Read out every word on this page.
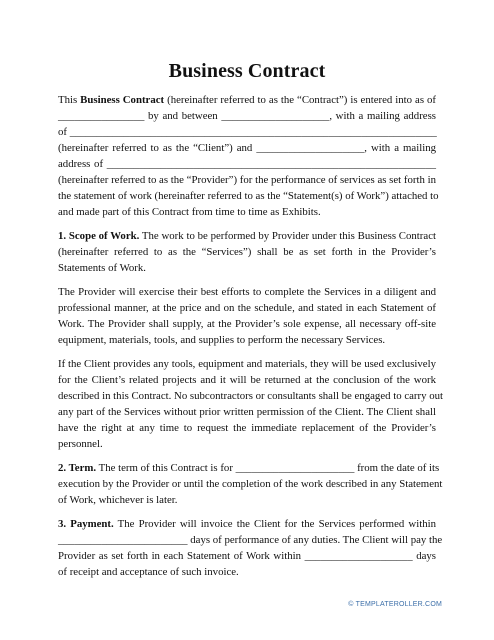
Business Contract
This Business Contract (hereinafter referred to as the “Contract”) is entered into as of
________________ by and between ____________________, with a mailing address
of ____________________________________________________________________
(hereinafter referred to as the “Client”) and ____________________, with a mailing
address of _____________________________________________________________
(hereinafter referred to as the “Provider”) for the performance of services as set forth in
the statement of work (hereinafter referred to as the “Statement(s) of Work”) attached to
and made part of this Contract from time to time as Exhibits.
1. Scope of Work. The work to be performed by Provider under this Business Contract
(hereinafter referred to as the “Services”) shall be as set forth in the Provider’s
Statements of Work.
The Provider will exercise their best efforts to complete the Services in a diligent and
professional manner, at the price and on the schedule, and stated in each Statement of
Work. The Provider shall supply, at the Provider’s sole expense, all necessary off-site
equipment, materials, tools, and supplies to perform the necessary Services.
If the Client provides any tools, equipment and materials, they will be used exclusively
for the Client’s related projects and it will be returned at the conclusion of the work
described in this Contract. No subcontractors or consultants shall be engaged to carry out
any part of the Services without prior written permission of the Client. The Client shall
have the right at any time to request the immediate replacement of the Provider’s
personnel.
2. Term. The term of this Contract is for ______________________ from the date of its
execution by the Provider or until the completion of the work described in any Statement
of Work, whichever is later.
3. Payment. The Provider will invoice the Client for the Services performed within
________________________ days of performance of any duties. The Client will pay the
Provider as set forth in each Statement of Work within ____________________ days
of receipt and acceptance of such invoice.
© TEMPLATEROLLER.COM
